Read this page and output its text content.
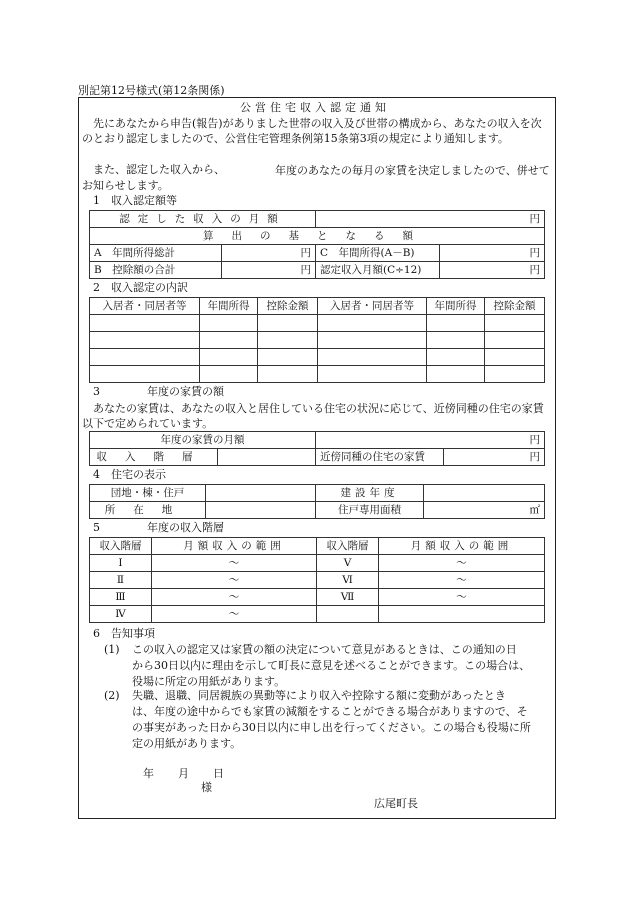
別記第12号様式(第12条関係)
公営住宅収入認定通知
先にあなたから申告(報告)がありました世帯の収入及び世帯の構成から、あなたの収入を次のとおり認定しましたので、公営住宅管理条例第15条第3項の規定により通知します。
また、認定した収入から、	年度のあなたの毎月の家賃を決定しましたので、併せてお知らせします。
1　収入認定額等
認定した収入の月額		円	
算出の基となる額			
A　年間所得総計	円	C　年間所得(A－B)	円
B　控除額の合計	円	認定収入月額(C÷12)	円
2　収入認定の内訳
入居者・同居者等	年間所得	控除金額	入居者・同居者等	年間所得	控除金額

3	年度の家賃の額
あなたの家賃は、あなたの収入と居住している住宅の状況に応じて、近傍同種の住宅の家賃以下で定められています。
年度の家賃の月額		円	
収入階層		近傍同種の住宅の家賃	円
4　住宅の表示
団地・棟・住戸		建設年度	
所在地		住戸専用面積	㎡
5	年度の収入階層
収入階層	月額収入の範囲	収入階層	月額収入の範囲
Ⅰ	～	Ⅴ	～
Ⅱ	～	Ⅵ	～
Ⅲ	～	Ⅶ	～
Ⅳ	～		
6　告知事項
(1) この収入の認定又は家賃の額の決定について意見があるときは、この通知の日
から30日以内に理由を示して町長に意見を述べることができます。この場合は、
役場に所定の用紙があります。
(2) 失職、退職、同居親族の異動等により収入や控除する額に変動があったとき
は、年度の途中からでも家賃の減額をすることができる場合がありますので、そ
の事実があった日から30日以内に申し出を行ってください。この場合も役場に所
定の用紙があります。
年 月 日
様
広尾町長
